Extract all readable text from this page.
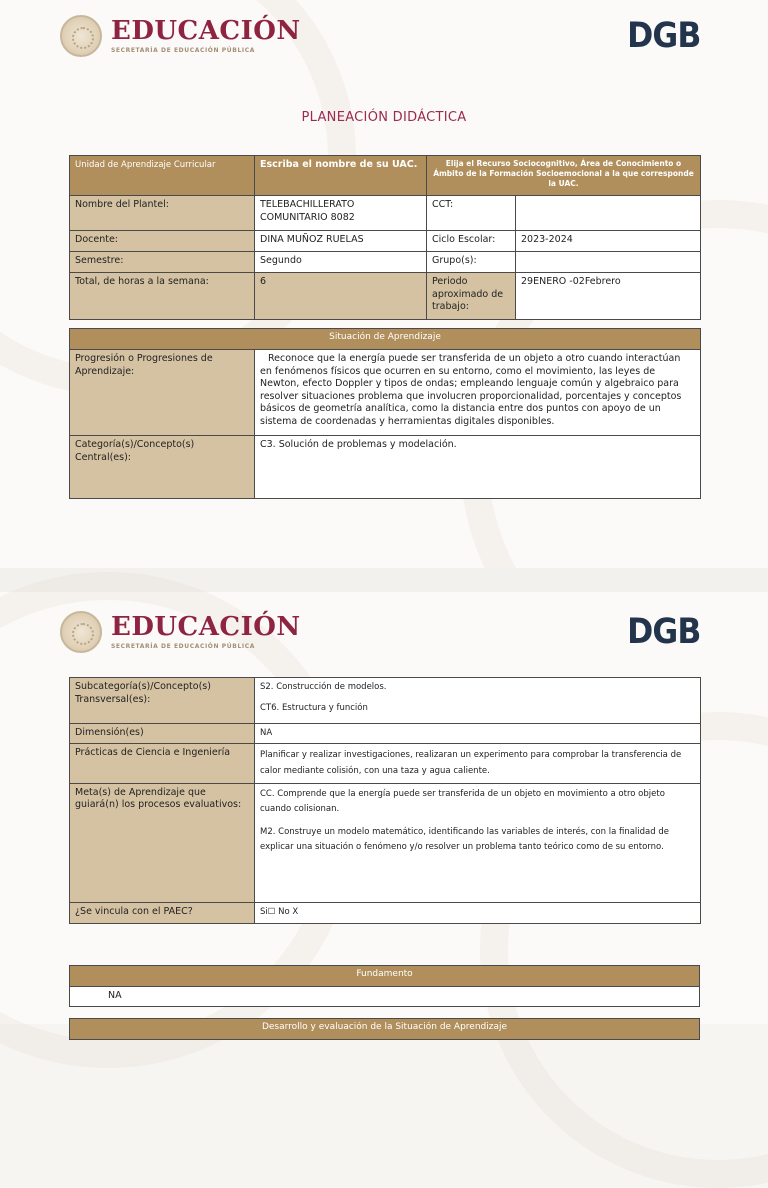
EDUCACIÓN
SECRETARÍA DE EDUCACIÓN PÚBLICA	DGB
PLANEACIÓN DIDÁCTICA
Unidad de Aprendizaje Curricular	Escriba el nombre de su UAC.	Elija el Recurso Sociocognitivo, Área de Conocimiento o Ámbito de la Formación Socioemocional a la que corresponde la UAC.	

Nombre del Plantel:	TELEBACHILLERATO COMUNITARIO 8082	CCT:	
Docente:	DINA MUÑOZ RUELAS	Ciclo Escolar:	2023-2024
Semestre:	Segundo	Grupo(s):	
Total, de horas a la semana:	6	Periodo aproximado de trabajo:	29ENERO -02Febrero
Situación de Aprendizaje	
Progresión o Progresiones de Aprendizaje:	Reconoce que la energía puede ser transferida de un objeto a otro cuando interactúan en fenómenos físicos que ocurren en su entorno, como el movimiento, las leyes de Newton, efecto Doppler y tipos de ondas; empleando lenguaje común y algebraico para resolver situaciones problema que involucren proporcionalidad, porcentajes y conceptos básicos de geometría analítica, como la distancia entre dos puntos con apoyo de un sistema de coordenadas y herramientas digitales disponibles.
Categoría(s)/Concepto(s) Central(es):	C3. Solución de problemas y modelación.
EDUCACIÓN
SECRETARÍA DE EDUCACIÓN PÚBLICA	DGB
Subcategoría(s)/Concepto(s) Transversal(es):	S2. Construcción de modelos.

CT6. Estructura y función

Dimensión(es)	NA
Prácticas de Ciencia e Ingeniería	Planificar y realizar investigaciones, realizaran un experimento para comprobar la transferencia de calor mediante colisión, con una taza y agua caliente.
Meta(s) de Aprendizaje que guiará(n) los procesos evaluativos:	CC. Comprende que la energía puede ser transferida de un objeto en movimiento a otro objeto cuando colisionan.

M2. Construye un modelo matemático, identificando las variables de interés, con la finalidad de explicar una situación o fenómeno y/o resolver un problema tanto teórico como de su entorno.

¿Se vincula con el PAEC?	Si☐ No X
Fundamento
NA
Desarrollo y evaluación de la Situación de Aprendizaje
